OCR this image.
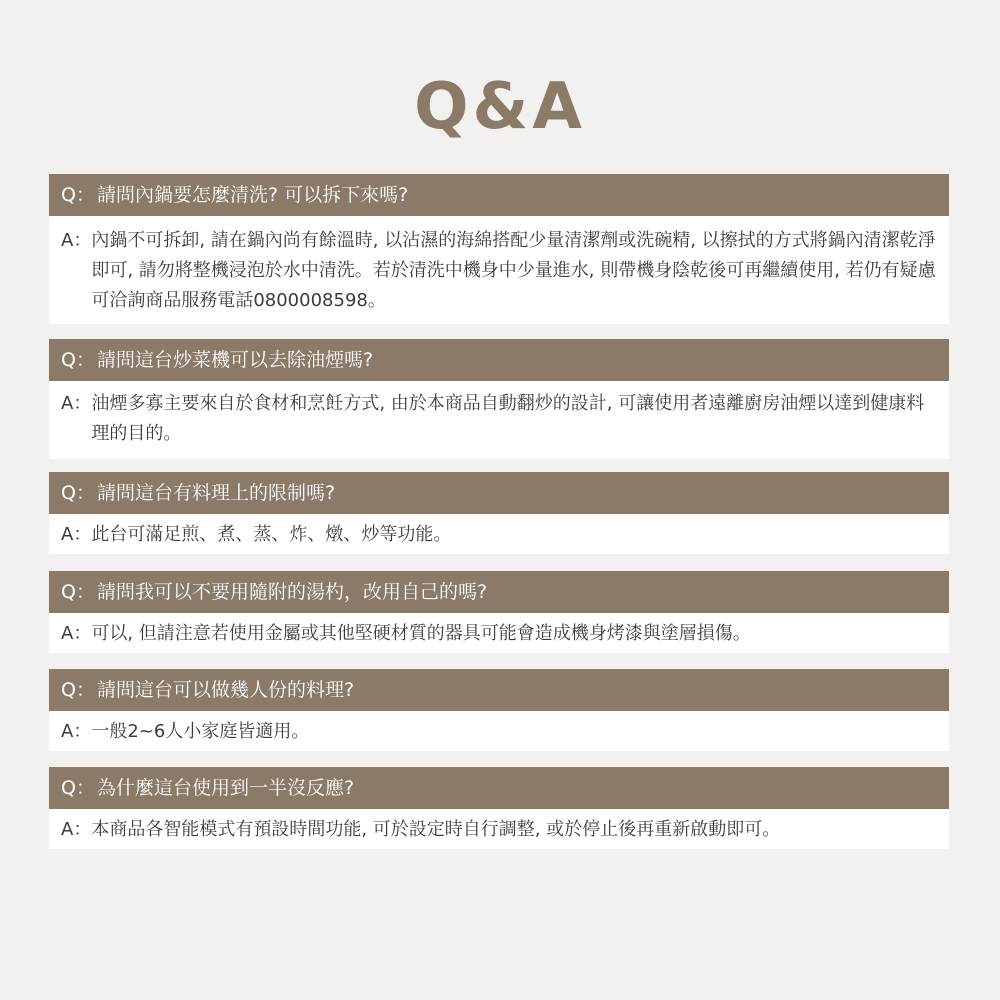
Q&A
Q： 請問內鍋要怎麼清洗? 可以拆下來嗎?
A： 內鍋不可拆卸, 請在鍋內尚有餘溫時, 以沾濕的海綿搭配少量清潔劑或洗碗精, 以擦拭的方式將鍋內清潔乾淨即可, 請勿將整機浸泡於水中清洗。若於清洗中機身中少量進水, 則帶機身陰乾後可再繼續使用, 若仍有疑慮可洽詢商品服務電話0800008598。
Q： 請問這台炒菜機可以去除油煙嗎?
A： 油煙多寡主要來自於食材和烹飪方式, 由於本商品自動翻炒的設計, 可讓使用者遠離廚房油煙以達到健康料理的目的。
Q： 請問這台有料理上的限制嗎?
A： 此台可滿足煎、煮、蒸、炸、燉、炒等功能。
Q： 請問我可以不要用隨附的湯杓，改用自己的嗎?
A： 可以, 但請注意若使用金屬或其他堅硬材質的器具可能會造成機身烤漆與塗層損傷。
Q： 請問這台可以做幾人份的料理?
A： 一般2~6人小家庭皆適用。
Q： 為什麼這台使用到一半沒反應?
A： 本商品各智能模式有預設時間功能, 可於設定時自行調整, 或於停止後再重新啟動即可。
